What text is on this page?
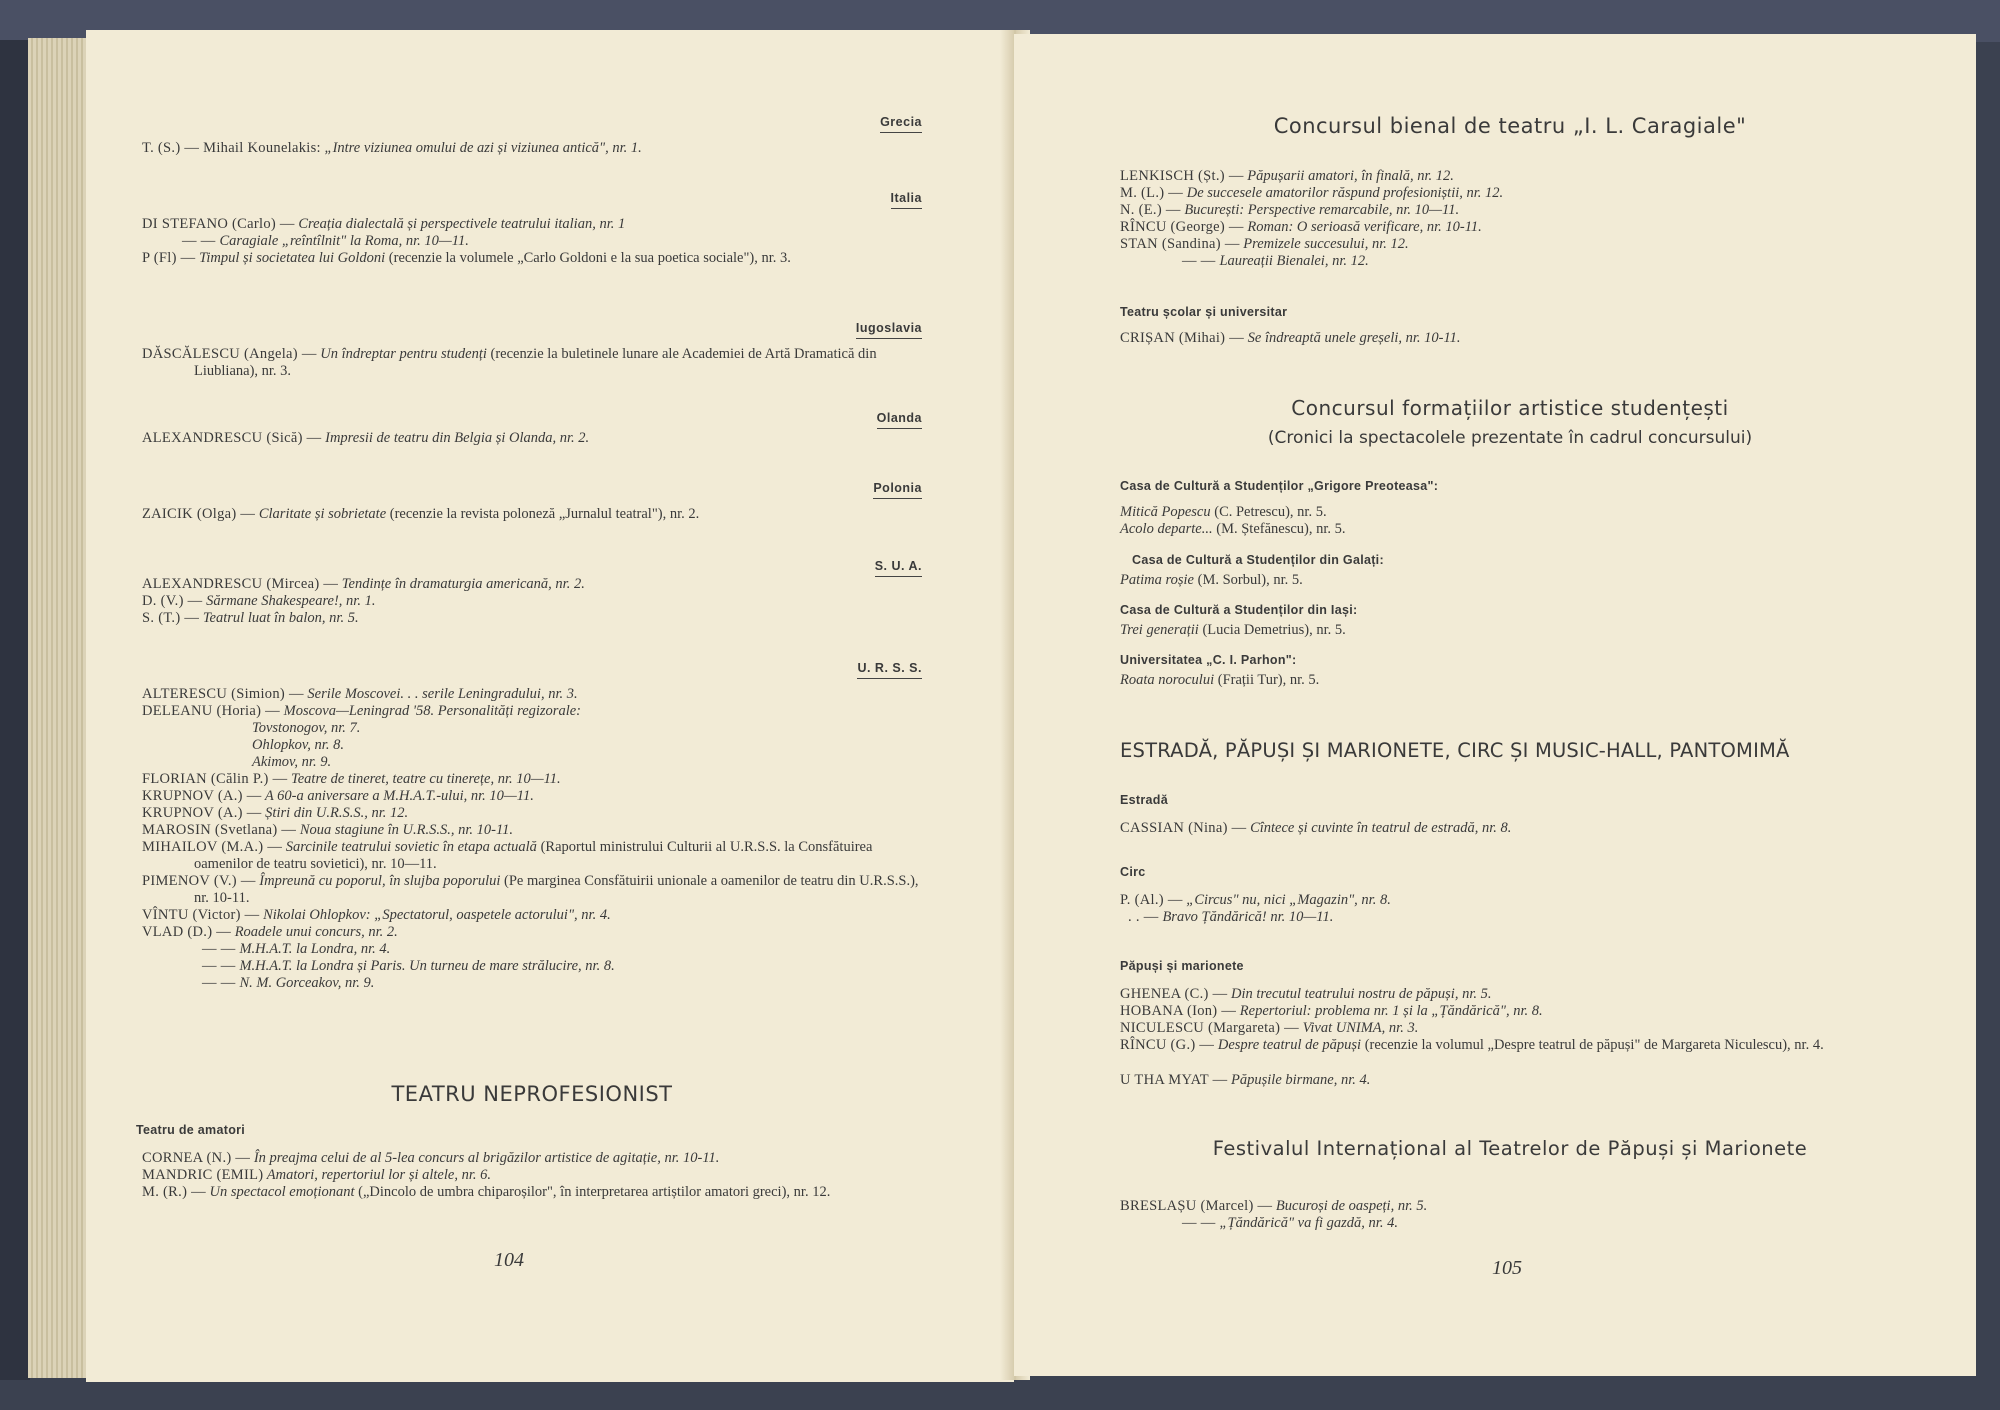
Grecia
T. (S.) — Mihail Kounelakis: „Intre viziunea omului de azi și viziunea antică", nr. 1.
Italia
DI STEFANO (Carlo) — Creația dialectală și perspectivele teatrului italian, nr. 1
— — Caragiale „reîntîlnit" la Roma, nr. 10—11.
P (Fl) — Timpul și societatea lui Goldoni (recenzie la volumele „Carlo Goldoni e la sua poetica sociale"), nr. 3.
Iugoslavia
DĂSCĂLESCU (Angela) — Un îndreptar pentru studenți (recenzie la buletinele lunare ale Academiei de Artă Dramatică din Liubliana), nr. 3.
Olanda
ALEXANDRESCU (Sică) — Impresii de teatru din Belgia și Olanda, nr. 2.
Polonia
ZAICIK (Olga) — Claritate și sobrietate (recenzie la revista poloneză „Jurnalul teatral"), nr. 2.
S. U. A.
ALEXANDRESCU (Mircea) — Tendințe în dramaturgia americană, nr. 2.
D. (V.) — Sărmane Shakespeare!, nr. 1.
S. (T.) — Teatrul luat în balon, nr. 5.
U. R. S. S.
ALTERESCU (Simion) — Serile Moscovei. . . serile Leningradului, nr. 3.
DELEANU (Horia) — Moscova—Leningrad '58. Personalități regizorale:
Tovstonogov, nr. 7.
Ohlopkov, nr. 8.
Akimov, nr. 9.
FLORIAN (Călin P.) — Teatre de tineret, teatre cu tinerețe, nr. 10—11.
KRUPNOV (A.) — A 60-a aniversare a M.H.A.T.-ului, nr. 10—11.
KRUPNOV (A.) — Știri din U.R.S.S., nr. 12.
MAROSIN (Svetlana) — Noua stagiune în U.R.S.S., nr. 10-11.
MIHAILOV (M.A.) — Sarcinile teatrului sovietic în etapa actuală (Raportul ministrului Culturii al U.R.S.S. la Consfătuirea oamenilor de teatru sovietici), nr. 10—11.
PIMENOV (V.) — Împreună cu poporul, în slujba poporului (Pe marginea Consfătuirii unionale a oamenilor de teatru din U.R.S.S.), nr. 10-11.
VÎNTU (Victor) — Nikolai Ohlopkov: „Spectatorul, oaspetele actorului", nr. 4.
VLAD (D.) — Roadele unui concurs, nr. 2.
— — M.H.A.T. la Londra, nr. 4.
— — M.H.A.T. la Londra și Paris. Un turneu de mare strălucire, nr. 8.
— — N. M. Gorceakov, nr. 9.
TEATRU NEPROFESIONIST
Teatru de amatori
CORNEA (N.) — În preajma celui de al 5-lea concurs al brigăzilor artistice de agitație, nr. 10-11.
MANDRIC (EMIL) Amatori, repertoriul lor și altele, nr. 6.
M. (R.) — Un spectacol emoționant („Dincolo de umbra chiparoșilor", în interpretarea artiștilor amatori greci), nr. 12.
104
Concursul bienal de teatru „I. L. Caragiale"
LENKISCH (Șt.) — Păpușarii amatori, în finală, nr. 12.
M. (L.) — De succesele amatorilor răspund profesioniștii, nr. 12.
N. (E.) — București: Perspective remarcabile, nr. 10—11.
RÎNCU (George) — Roman: O serioasă verificare, nr. 10-11.
STAN (Sandina) — Premizele succesului, nr. 12.
— — Laureații Bienalei, nr. 12.
Teatru școlar și universitar
CRIȘAN (Mihai) — Se îndreaptă unele greșeli, nr. 10-11.
Concursul formațiilor artistice studențești
(Cronici la spectacolele prezentate în cadrul concursului)
Casa de Cultură a Studenților „Grigore Preoteasa":
Mitică Popescu (C. Petrescu), nr. 5.
Acolo departe... (M. Ștefănescu), nr. 5.
Casa de Cultură a Studenților din Galați:
Patima roșie (M. Sorbul), nr. 5.
Casa de Cultură a Studenților din Iași:
Trei generații (Lucia Demetrius), nr. 5.
Universitatea „C. I. Parhon":
Roata norocului (Frații Tur), nr. 5.
ESTRADĂ, PĂPUȘI ȘI MARIONETE, CIRC ȘI MUSIC-HALL, PANTOMIMĂ
Estradă
CASSIAN (Nina) — Cîntece și cuvinte în teatrul de estradă, nr. 8.
Circ
P. (Al.) — „Circus" nu, nici „Magazin", nr. 8.
. . — Bravo Țăndărică! nr. 10—11.
Păpuși și marionete
GHENEA (C.) — Din trecutul teatrului nostru de păpuși, nr. 5.
HOBANA (Ion) — Repertoriul: problema nr. 1 și la „Țăndărică", nr. 8.
NICULESCU (Margareta) — Vivat UNIMA, nr. 3.
RÎNCU (G.) — Despre teatrul de păpuși (recenzie la volumul „Despre teatrul de păpuși" de Margareta Niculescu), nr. 4.
U THA MYAT — Păpușile birmane, nr. 4.
Festivalul Internațional al Teatrelor de Păpuși și Marionete
BRESLAȘU (Marcel) — Bucuroși de oaspeți, nr. 5.
— — „Țăndărică" va fi gazdă, nr. 4.
105
